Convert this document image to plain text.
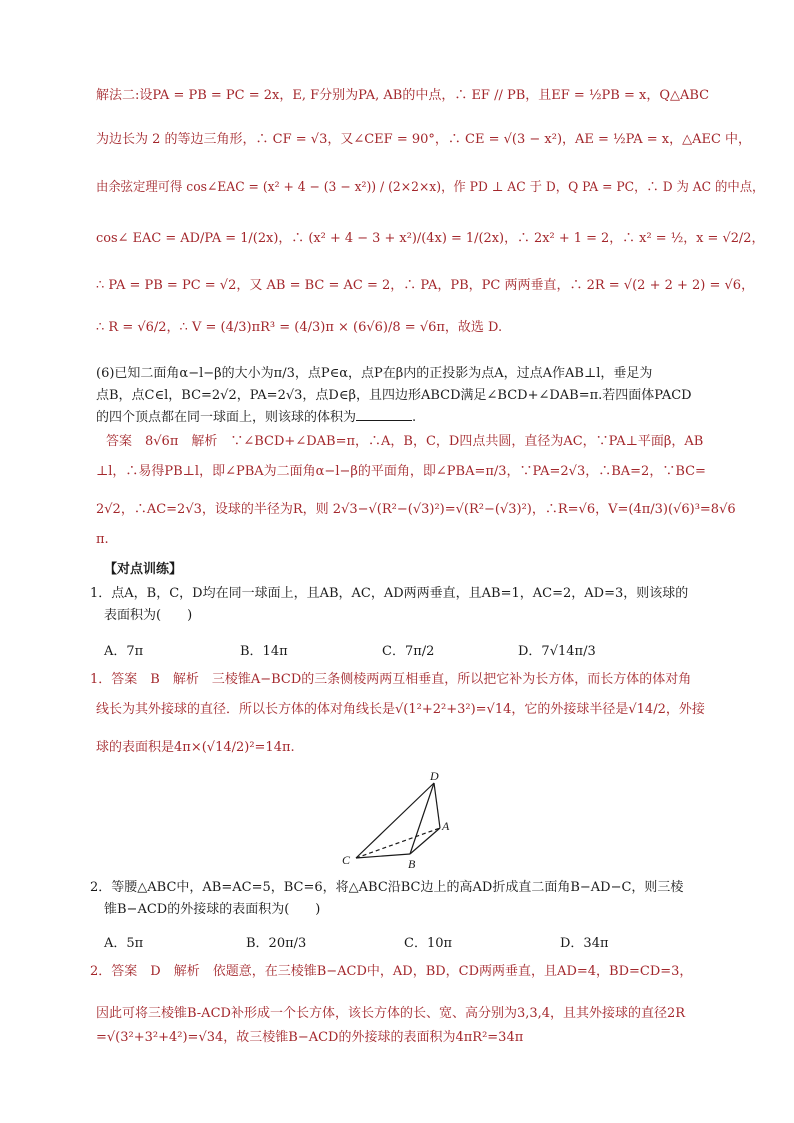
解法二:设PA = PB = PC = 2x，E, F分别为PA, AB的中点，∴ EF // PB，且EF = ½PB = x，Q△ABC
为边长为 2 的等边三角形，∴ CF = √3，又∠CEF = 90°，∴ CE = √(3 − x²)，AE = ½PA = x，△AEC 中，
由余弦定理可得 cos∠EAC = (x² + 4 − (3 − x²)) / (2×2×x)，作 PD ⊥ AC 于 D，Q PA = PC，∴ D 为 AC 的中点，
cos∠ EAC = AD/PA = 1/(2x)，∴ (x² + 4 − 3 + x²)/(4x) = 1/(2x)，∴ 2x² + 1 = 2，∴ x² = ½，x = √2/2，
∴ PA = PB = PC = √2，又 AB = BC = AC = 2，∴ PA，PB，PC 两两垂直，∴ 2R = √(2 + 2 + 2) = √6，
∴ R = √6/2，∴ V = (4/3)πR³ = (4/3)π × (6√6)/8 = √6π，故选 D.
(6)已知二面角α−l−β的大小为π/3，点P∈α，点P在β内的正投影为点A，过点A作AB⊥l，垂足为
点B，点C∈l，BC=2√2，PA=2√3，点D∈β，且四边形ABCD满足∠BCD+∠DAB=π.若四面体PACD
的四个顶点都在同一球面上，则该球的体积为	.
答案　8√6π　解析　∵∠BCD+∠DAB=π，∴A，B，C，D四点共圆，直径为AC，∵PA⊥平面β，AB
⊥l，∴易得PB⊥l，即∠PBA为二面角α−l−β的平面角，即∠PBA=π/3，∵PA=2√3，∴BA=2，∵BC=
2√2，∴AC=2√3，设球的半径为R，则 2√3−√(R²−(√3)²)=√(R²−(√3)²)，∴R=√6，V=(4π/3)(√6)³=8√6
π.
【对点训练】
1．点A，B，C，D均在同一球面上，且AB，AC，AD两两垂直，且AB=1，AC=2，AD=3，则该球的
表面积为(　　)
A．7π	B．14π	C．7π/2	D．7√14π/3
1．答案　B　解析　三棱锥A−BCD的三条侧棱两两互相垂直，所以把它补为长方体，而长方体的体对角
线长为其外接球的直径．所以长方体的体对角线长是√(1²+2²+3²)=√14，它的外接球半径是√14/2，外接
球的表面积是4π×(√14/2)²=14π.
D
A
B
C
2．等腰△ABC中，AB=AC=5，BC=6，将△ABC沿BC边上的高AD折成直二面角B−AD−C，则三棱
锥B−ACD的外接球的表面积为(　　)
A．5π	B．20π/3	C．10π	D．34π
2．答案　D　解析　依题意，在三棱锥B−ACD中，AD，BD，CD两两垂直，且AD=4，BD=CD=3，
因此可将三棱锥B-ACD补形成一个长方体，该长方体的长、宽、高分别为3,3,4，且其外接球的直径2R
=√(3²+3²+4²)=√34，故三棱锥B−ACD的外接球的表面积为4πR²=34π
